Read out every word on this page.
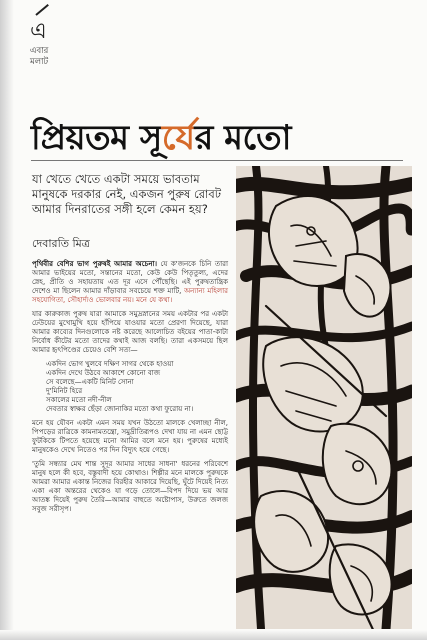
এ
এবার
মলাট
প্রিয়তম সূর্যের মতো

যা খেতে খেতে একটা সময়ে ভাবতাম মানুষকে দরকার নেই, একজন পুরুষ রোবট আমার দিনরাতের সঙ্গী হলে কেমন হয়?

দেবারতি মিত্র

পৃথিবীর বেশির ভাগ পুরুষই আমার অচেনা। যে ক'জনকে চিনি তারা আমার ভাইয়ের মতো, সন্তানের মতো, কেউ কেউ পিতৃতুল্য, এদের স্নেহ, প্রীতি ও সহায়তায় এত দূর এসে পৌঁছেছি। এই পুরুষতান্ত্রিক দেশেও মা ছিলেন আমার দাঁড়াবার সবচেয়ে শক্ত মাটি, অন্যান্য মহিলার সহযোগিতা, সৌহার্দ্যও ভোলবার নয়। মনে যে কথা।

যার কারুকাজ পুরুষ যারা আমাকে সমুদ্রস্নানের সময় একটার পর একটা ঢেউয়ের মুখোমুখি হয়ে হাঁপিয়ে যাওয়ার মতো প্রেরণা দিয়েছে, যারা আমার কাব্যের দিনগুলোকে নষ্ট করেছে আলোচিত বইয়ের পাতা-কাটা নির্বোধ কীটের মতো তাদের কথাই আজ বলছি। তারা একসময়ে ছিল আমার হৃৎপিণ্ডের চেয়েও বেশি সত্য—

একদিন ভোগ খুলবে দক্ষিণ সাগর থেকে হাওয়া
একদিন দেখে উঠবে আকাশে কোনো বাজ
সে বলেছে—একটি মিনিট সোনা
দু'মিনিট হিরে
সকালের মতো নদী-নীল
দেবতার স্বাক্ষর ছেঁড়া জোনাকির মতো কথা ফুরোয় না।

মনে হয় যৌবন একটা এমন সময় যখন উঠতো মালকে খেলাচ্ছা নীল, পিপড়ের রাত্রিকে কামনামতন্ত্রো, সমুদ্রীতিরূপও দেখা যায় না এমন ছোট্ট ফুটকিকে টিপতে হয়েছে মনো আমির বলে মনে হয়। পুরুষের মধ্যেই মানুষকেও দেখে নিতেও পর দিন বিদ্যুৎ হয়ে গেছে।

'তুমি সন্ধ্যার মেঘ শান্ত সুদূর আমার সাধের সাধনা' ধরনের পরিবেশে মানুষ হলে কী হবে, বস্তুবাদী হয়ে কোথাও। শিল্পীর মনে মালকে পুরুষকে আমরা আমার একান্ত নিজের বিরহীর আকারে দিয়েছি, ঘুঁটে দিয়েই নিত্য একা একা অন্তরের থেকেও যা গড়ে তোলে—বিপদ দিয়ে ভয় আর আতঙ্ক দিয়েই পুরুষ তৈরি—আমার বাহুতে অষ্টোপাস, উরুতে জলজ সবুজ সরীসৃপ।
